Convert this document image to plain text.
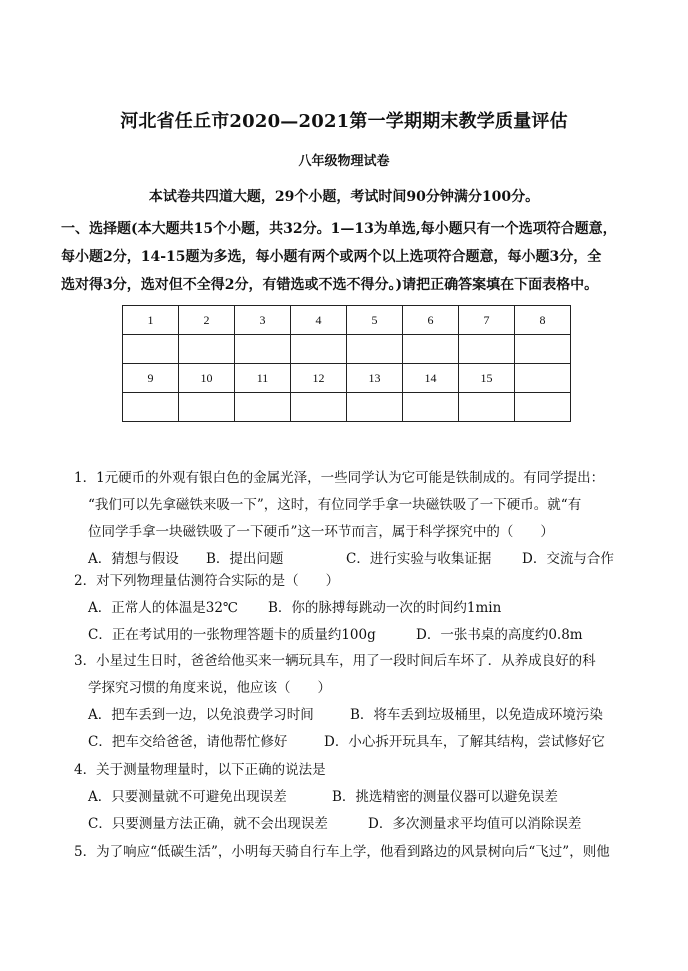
河北省任丘市2020—2021第一学期期末教学质量评估
八年级物理试卷
本试卷共四道大题，29个小题，考试时间90分钟满分100分。
一、选择题(本大题共15个小题，共32分。1—13为单选,每小题只有一个选项符合题意，
每小题2分，14-15题为多选，每小题有两个或两个以上选项符合题意，每小题3分，全
选对得3分，选对但不全得2分，有错选或不选不得分。)请把正确答案填在下面表格中。
1	2	3	4	5	6	7	8

9	10	11	12	13	14	15	

1．1元硬币的外观有银白色的金属光泽，一些同学认为它可能是铁制成的。有同学提出：
“我们可以先拿磁铁来吸一下”，这时，有位同学手拿一块磁铁吸了一下硬币。就“有
位同学手拿一块磁铁吸了一下硬币”这一环节而言，属于科学探究中的（　　）
A．猜想与假设	B．提出问题	C．进行实验与收集证据	D．交流与合作
2．对下列物理量估测符合实际的是（　　）
A．正常人的体温是32℃	B．你的脉搏每跳动一次的时间约1min
C．正在考试用的一张物理答题卡的质量约100g	D．一张书桌的高度约0.8m
3．小星过生日时，爸爸给他买来一辆玩具车，用了一段时间后车坏了．从养成良好的科
学探究习惯的角度来说，他应该（　　）
A．把车丢到一边，以免浪费学习时间	B．将车丢到垃圾桶里，以免造成环境污染
C．把车交给爸爸，请他帮忙修好	D．小心拆开玩具车，了解其结构，尝试修好它
4．关于测量物理量时，以下正确的说法是
A．只要测量就不可避免出现误差	B．挑选精密的测量仪器可以避免误差
C．只要测量方法正确，就不会出现误差	D．多次测量求平均值可以消除误差
5．为了响应“低碳生活”，小明每天骑自行车上学，他看到路边的风景树向后“飞过”，则他
